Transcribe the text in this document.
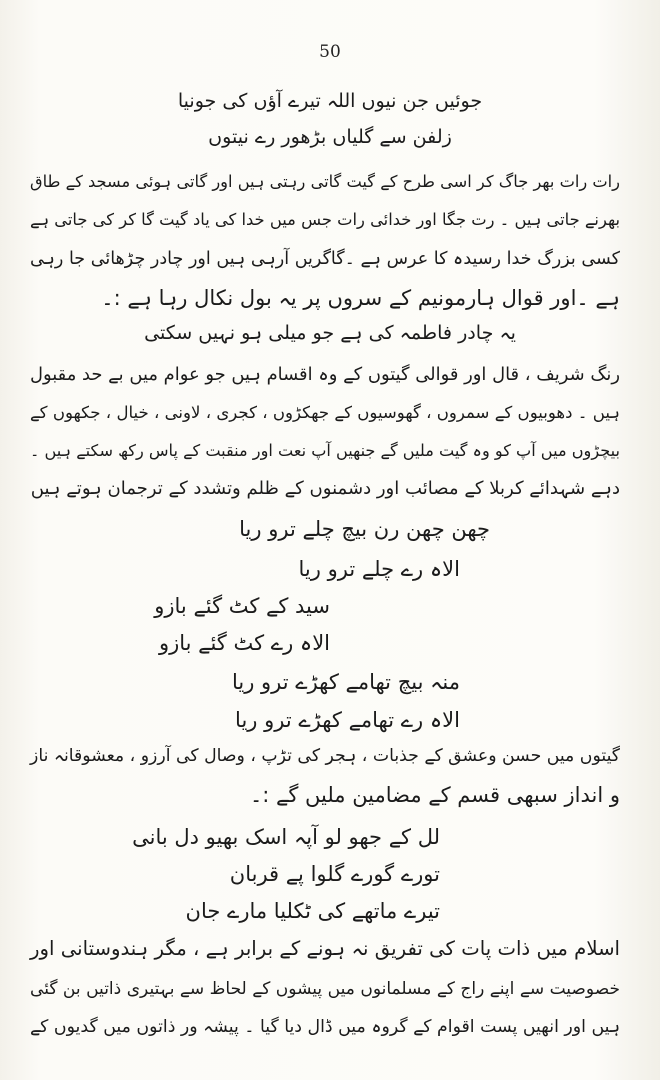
50
جوئیں جن نیوں اللہ تیرے آؤں کی جونیا
زلفن سے گلیاں بڑھور رے نیتوں
رات رات بھر جاگ کر اسی طرح کے گیت گاتی رہتی ہیں اور گاتی ہوئی مسجد کے طاق
بھرنے جاتی ہیں ۔ رت جگا اور خدائی رات جس میں خدا کی یاد گیت گا کر کی جاتی ہے
کسی بزرگ خدا رسیدہ کا عرس ہے ۔گاگریں آرہی ہیں اور چادر چڑھائی جا رہی
ہے ۔اور قوال ہارمونیم کے سروں پر یہ بول نکال رہا ہے :۔
یہ چادر فاطمہ کی ہے جو میلی ہو نہیں سکتی
رنگ شریف ، قال اور قوالی گیتوں کے وہ اقسام ہیں جو عوام میں بے حد مقبول
ہیں ۔ دھوبیوں کے سمروں ، گھوسیوں کے جھکڑوں ، کجری ، لاونی ، خیال ، جکھوں کے
بیچڑوں میں آپ کو وہ گیت ملیں گے جنھیں آپ نعت اور منقبت کے پاس رکھ سکتے ہیں ۔
دہے شہدائے کربلا کے مصائب اور دشمنوں کے ظلم وتشدد کے ترجمان ہوتے ہیں
چھن چھن رن بیچ چلے ترو ریا
الاہ رے چلے ترو ریا
سید کے کٹ گئے بازو
الاہ رے کٹ گئے بازو
منہ بیچ تھامے کھڑے ترو ریا
الاہ رے تھامے کھڑے ترو ریا
گیتوں میں حسن وعشق کے جذبات ، ہجر کی تڑپ ، وصال کی آرزو ، معشوقانہ ناز
و انداز سبھی قسم کے مضامین ملیں گے :۔
لل کے جھو لو آپہ اسک بھیو دل بانی
تورے گورے گلوا پے قربان
تیرے ماتھے کی ٹکلیا مارے جان
اسلام میں ذات پات کی تفریق نہ ہونے کے برابر ہے ، مگر ہندوستانی اور
خصوصیت سے اپنے راج کے مسلمانوں میں پیشوں کے لحاظ سے بہتیری ذاتیں بن گئی
ہیں اور انھیں پست اقوام کے گروہ میں ڈال دیا گیا ۔ پیشہ ور ذاتوں میں گدیوں کے
